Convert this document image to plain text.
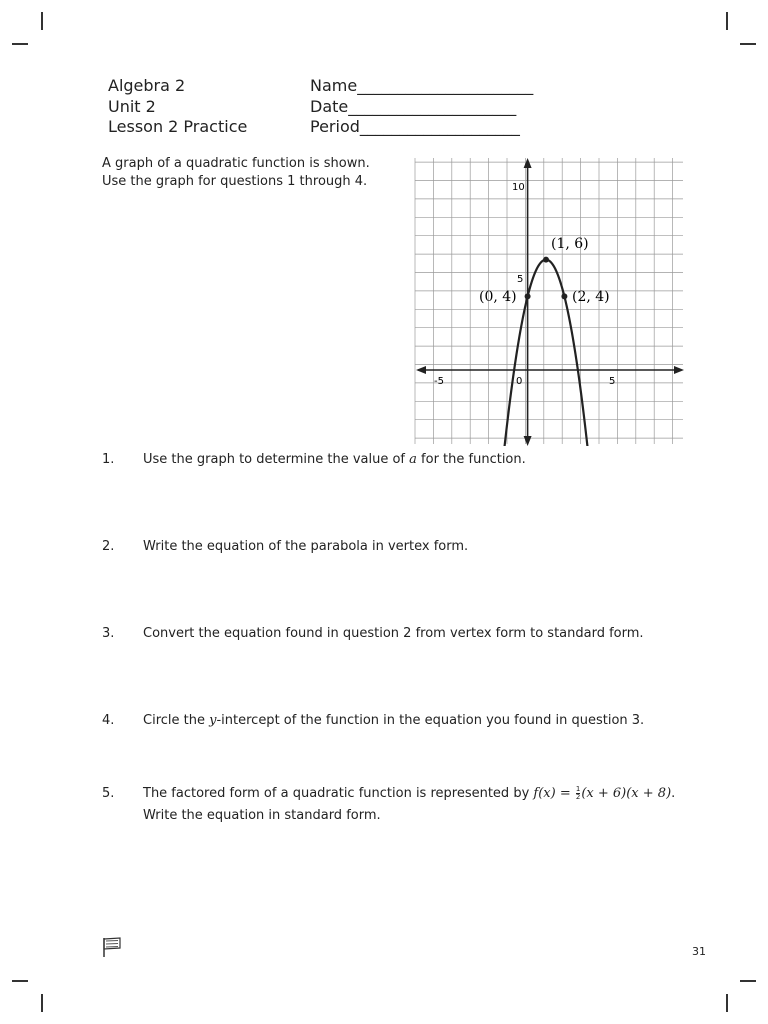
Algebra 2	Name______________________
Unit 2	Date_____________________
Lesson 2 Practice	Period____________________
A graph of a quadratic function is shown.
Use the graph for questions 1 through 4.	10
5
-5	0	5
(1, 6)
(0, 4)	(2, 4)
1.	Use the graph to determine the value of a for the function.
2.	Write the equation of the parabola in vertex form.
3.	Convert the equation found in question 2 from vertex form to standard form.
4.	Circle the y-intercept of the function in the equation you found in question 3.
5.	The factored form of a quadratic function is represented by $f(x) = \frac{1}{2} (x + 6)(x + 8)$.
Write the equation in standard form.
31
